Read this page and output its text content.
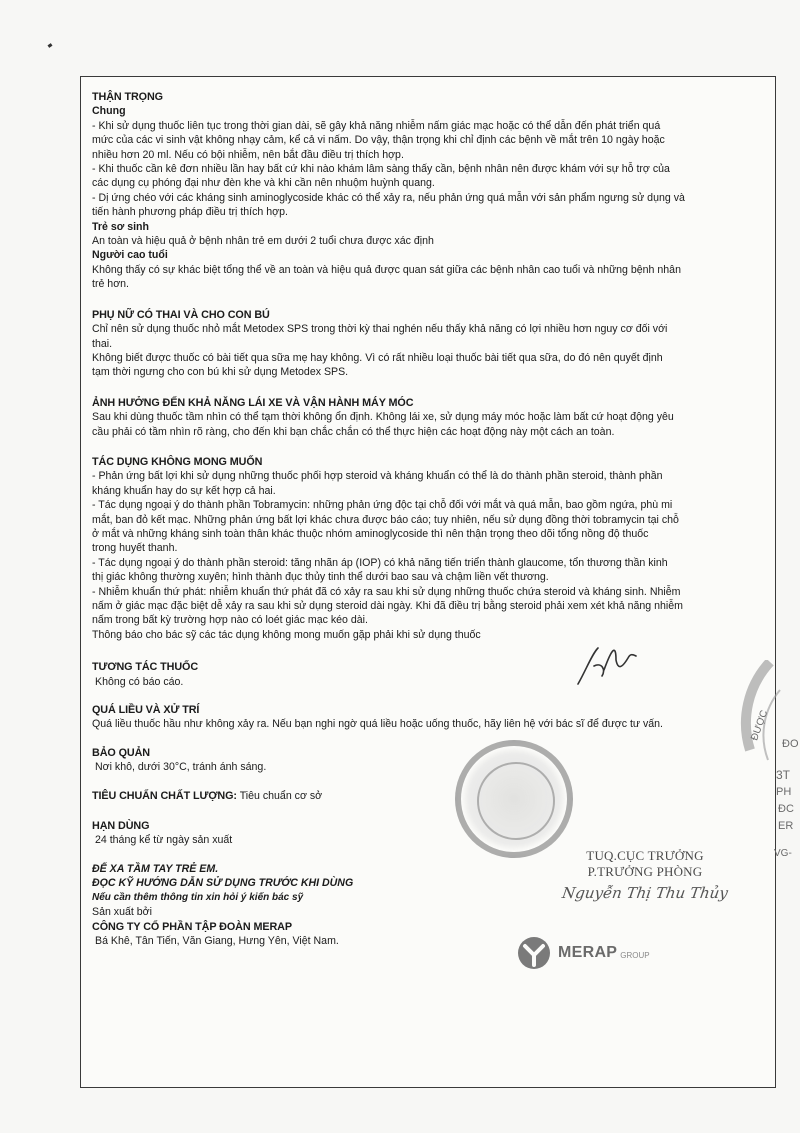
THẬN TRỌNG
Chung

- Khi sử dụng thuốc liên tục trong thời gian dài, sẽ gây khả năng nhiễm nấm giác mạc hoặc có thể dẫn đến phát triển quá

mức của các vi sinh vật không nhạy cảm, kể cả vi nấm. Do vậy, thận trọng khi chỉ định các bệnh về mắt trên 10 ngày hoặc

nhiều hơn 20 ml. Nếu có bội nhiễm, nên bắt đầu điều trị thích hợp.

- Khi thuốc cần kê đơn nhiều lần hay bất cứ khi nào khám lâm sàng thấy cần, bệnh nhân nên được khám với sự hỗ trợ của

các dụng cụ phóng đại như đèn khe và khi cần nên nhuộm huỳnh quang.

- Dị ứng chéo với các kháng sinh aminoglycoside khác có thể xảy ra, nếu phản ứng quá mẫn với sản phẩm ngưng sử dụng và

tiến hành phương pháp điều trị thích hợp.

Trẻ sơ sinh

An toàn và hiệu quả ở bệnh nhân trẻ em dưới 2 tuổi chưa được xác định

Người cao tuổi

Không thấy có sự khác biệt tổng thể về an toàn và hiệu quả được quan sát giữa các bệnh nhân cao tuổi và những bệnh nhân

trẻ hơn.

PHỤ NỮ CÓ THAI VÀ CHO CON BÚ

Chỉ nên sử dụng thuốc nhỏ mắt Metodex SPS trong thời kỳ thai nghén nếu thấy khả năng có lợi nhiều hơn nguy cơ đối với

thai.

Không biết được thuốc có bài tiết qua sữa mẹ hay không. Vì có rất nhiều loại thuốc bài tiết qua sữa, do đó nên quyết định

tạm thời ngưng cho con bú khi sử dụng Metodex SPS.

ẢNH HƯỞNG ĐẾN KHẢ NĂNG LÁI XE VÀ VẬN HÀNH MÁY MÓC

Sau khi dùng thuốc tầm nhìn có thể tạm thời không ổn định. Không lái xe, sử dụng máy móc hoặc làm bất cứ hoạt động yêu

cầu phải có tầm nhìn rõ ràng, cho đến khi bạn chắc chắn có thể thực hiện các hoạt động này một cách an toàn.

TÁC DỤNG KHÔNG MONG MUỐN

- Phản ứng bất lợi khi sử dụng những thuốc phối hợp steroid và kháng khuẩn có thể là do thành phần steroid, thành phần

kháng khuẩn hay do sự kết hợp cả hai.

- Tác dụng ngoại ý do thành phần Tobramycin: những phản ứng độc tại chỗ đối với mắt và quá mẫn, bao gồm ngứa, phù mi

mắt, ban đỏ kết mạc. Những phản ứng bất lợi khác chưa được báo cáo; tuy nhiên, nếu sử dụng đồng thời tobramycin tại chỗ

ở mắt và những kháng sinh toàn thân khác thuộc nhóm aminoglycoside thì nên thận trọng theo dõi tổng nồng độ thuốc

trong huyết thanh.

- Tác dụng ngoại ý do thành phần steroid: tăng nhãn áp (IOP) có khả năng tiến triển thành glaucome, tổn thương thần kinh

thị giác không thường xuyên; hình thành đục thủy tinh thể dưới bao sau và chậm liền vết thương.

- Nhiễm khuẩn thứ phát: nhiễm khuẩn thứ phát đã có xảy ra sau khi sử dụng những thuốc chứa steroid và kháng sinh. Nhiễm

nấm ở giác mạc đặc biệt dễ xảy ra sau khi sử dụng steroid dài ngày. Khi đã điều trị bằng steroid phải xem xét khả năng nhiễm

nấm trong bất kỳ trường hợp nào có loét giác mạc kéo dài.

Thông báo cho bác sỹ các tác dụng không mong muốn gặp phải khi sử dụng thuốc

TƯƠNG TÁC THUỐC

Không có báo cáo.

QUÁ LIỀU VÀ XỬ TRÍ

Quá liều thuốc hầu như không xảy ra. Nếu bạn nghi ngờ quá liều hoặc uống thuốc, hãy liên hệ với bác sĩ để được tư vấn.

BẢO QUẢN

Nơi khô, dưới 30°C, tránh ánh sáng.

TIÊU CHUẨN CHẤT LƯỢNG: Tiêu chuẩn cơ sở
HẠN DÙNG

24 tháng kể từ ngày sản xuất

ĐỂ XA TẦM TAY TRẺ EM.
ĐỌC KỸ HƯỚNG DẪN SỬ DỤNG TRƯỚC KHI DÙNG
Nếu cần thêm thông tin xin hỏi ý kiến bác sỹ
Sản xuất bởi
CÔNG TY CỔ PHẦN TẬP ĐOÀN MERAP
Bá Khê, Tân Tiến, Văn Giang, Hưng Yên, Việt Nam.
TUQ.CỤC TRƯỞNG
P.TRƯỞNG PHÒNG
Nguyễn Thị Thu Thủy
MERAP GROUP
ĐƯỢC
ĐO
3T
PH
ĐC
ER
VG-
